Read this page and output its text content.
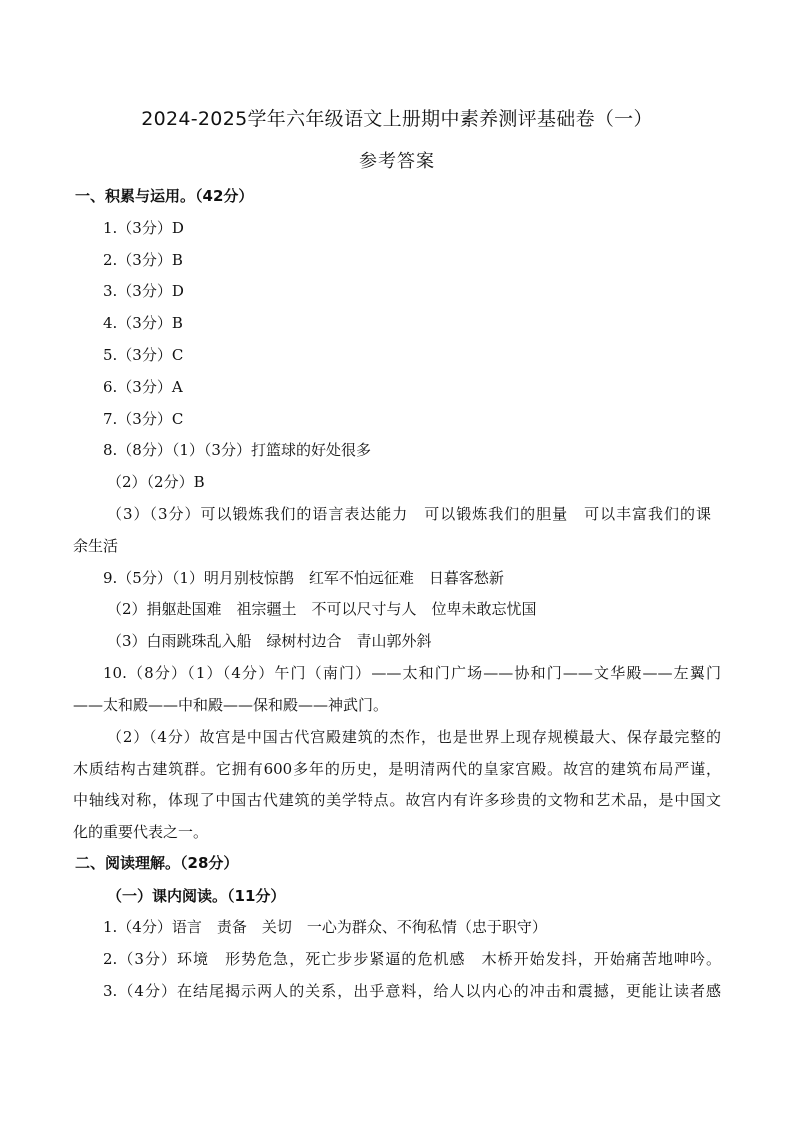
2024-2025学年六年级语文上册期中素养测评基础卷（一）
参考答案
一、积累与运用。（42分）
1.（3分）D
2.（3分）B
3.（3分）D
4.（3分）B
5.（3分）C
6.（3分）A
7.（3分）C
8.（8分）（1）（3分）打篮球的好处很多
（2）（2分）B
（3）（3分）可以锻炼我们的语言表达能力　可以锻炼我们的胆量　可以丰富我们的课
余生活
9.（5分）（1）明月别枝惊鹊　红军不怕远征难　日暮客愁新
（2）捐躯赴国难　祖宗疆土　不可以尺寸与人　位卑未敢忘忧国
（3）白雨跳珠乱入船　绿树村边合　青山郭外斜
10.（8分）（1）（4分）午门（南门）——太和门广场——协和门——文华殿——左翼门
——太和殿——中和殿——保和殿——神武门。
（2）（4分）故宫是中国古代宫殿建筑的杰作，也是世界上现存规模最大、保存最完整的
木质结构古建筑群。它拥有600多年的历史，是明清两代的皇家宫殿。故宫的建筑布局严谨，
中轴线对称，体现了中国古代建筑的美学特点。故宫内有许多珍贵的文物和艺术品，是中国文
化的重要代表之一。
二、阅读理解。（28分）
（一）课内阅读。（11分）
1.（4分）语言　责备　关切　一心为群众、不徇私情（忠于职守）
2.（3分）环境　形势危急，死亡步步紧逼的危机感　木桥开始发抖，开始痛苦地呻吟。
3.（4分）在结尾揭示两人的关系，出乎意料，给人以内心的冲击和震撼，更能让读者感
